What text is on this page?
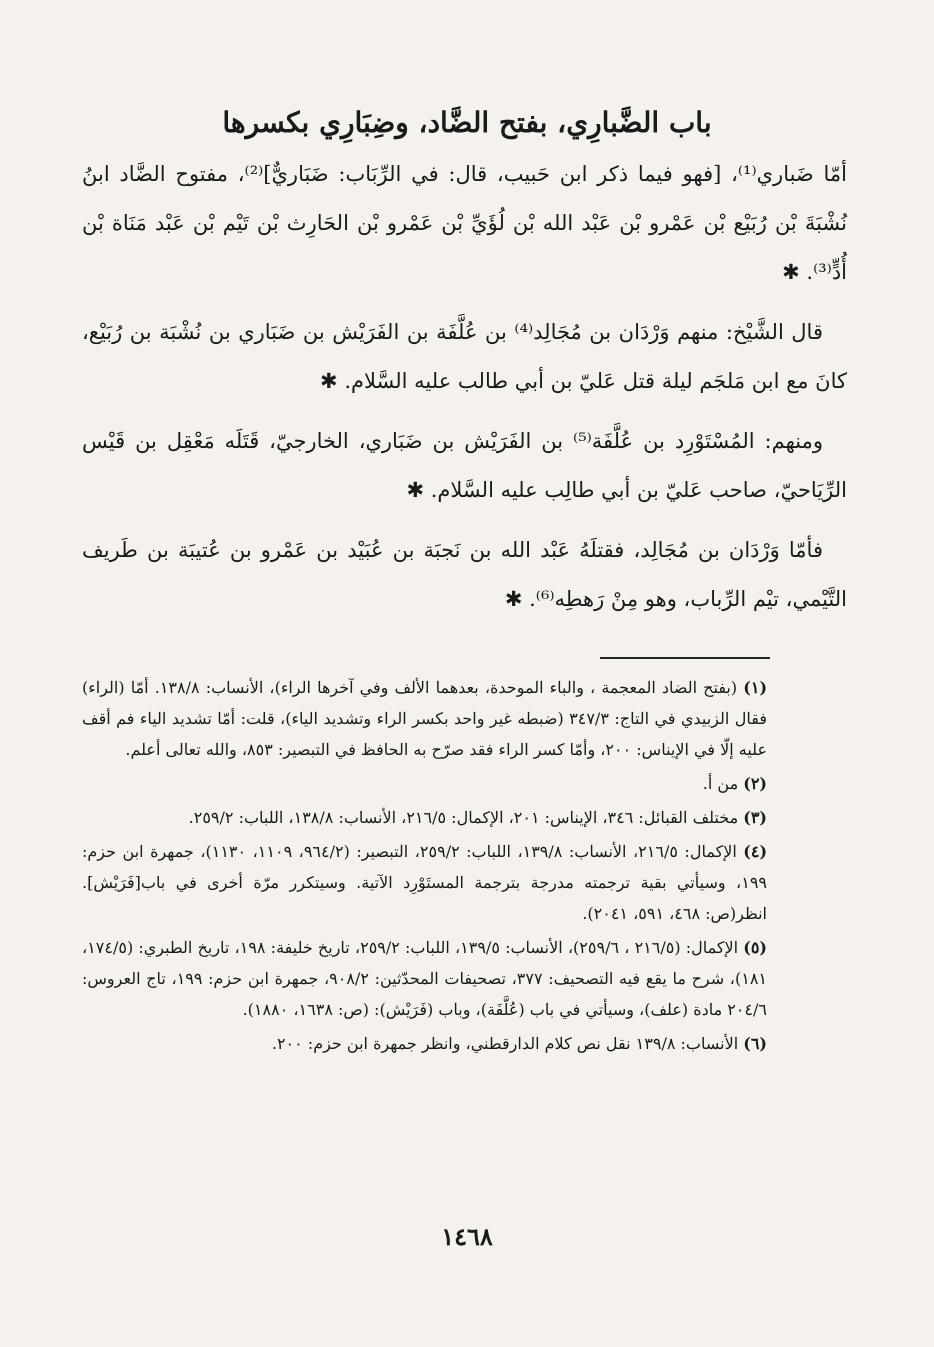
باب الضَّبارِي، بفتح الضَّاد، وضِبَارِي بكسرها

أمّا ضَباري⁽¹⁾، [فهو فيما ذكر ابن حَبيب، قال: في الرِّبَاب: ضَبَاريٌّ]⁽²⁾، مفتوح الضَّاد ابنُ نُشْبَةَ بْن رُبَيْع بْن عَمْرو بْن عَبْد الله بْن لُؤَيِّ بْن عَمْرو بْن الحَارِث بْن تَيْم بْن عَبْد مَنَاة بْن أُدٍّ⁽³⁾. ✱

قال الشَّيْخ: منهم وَرْدَان بن مُجَالِد⁽⁴⁾ بن عُلَّفَة بن الفَرَيْش بن ضَبَاري بن نُشْبَة بن رُبَيْع، كانَ مع ابن مَلجَم ليلة قتل عَليّ بن أبي طالب عليه السَّلام. ✱

ومنهم: المُسْتَوْرِد بن عُلَّفَة⁽⁵⁾ بن الفَرَيْش بن ضَبَاري، الخارجيّ، قَتَلَه مَعْقِل بن قَيْس الرِّيَاحيّ، صاحب عَليّ بن أبي طالِب عليه السَّلام. ✱

فأمّا وَرْدَان بن مُجَالِد، فقتلَهُ عَبْد الله بن نَجبَة بن عُبَيْد بن عَمْرو بن عُتيبَة بن طَريف التَّيْمي، تيْم الرِّباب، وهو مِنْ رَهطِه⁽⁶⁾. ✱

(١) (بفتح الضاد المعجمة ، والباء الموحدة، بعدهما الألف وفي آخرها الراء)، الأنساب: ١٣٨/٨. أمّا (الراء) فقال الزبيدي في التاج: ٣٤٧/٣ (ضبطه غير واحد بكسر الراء وتشديد الياء)، قلت: أمّا تشديد الياء فم أقف عليه إلّا في الإيناس: ٢٠٠، وأمّا كسر الراء فقد صرّح به الحافظ في التبصير: ٨٥٣، والله تعالى أعلم.
(٢) من أ.
(٣) مختلف القبائل: ٣٤٦، الإيناس: ٢٠١، الإكمال: ٢١٦/٥، الأنساب: ١٣٨/٨، اللباب: ٢٥٩/٢.
(٤) الإكمال: ٢١٦/٥، الأنساب: ١٣٩/٨، اللباب: ٢٥٩/٢، التبصير: (٩٦٤/٢، ١١٠٩، ١١٣٠)، جمهرة ابن حزم: ١٩٩، وسيأتي بقية ترجمته مدرجة بترجمة المستَوْرِد الآتية. وسيتكرر مرّة أخرى في باب[فَرَيْش]. انظر(ص: ٤٦٨، ٥٩١، ٢٠٤١).
(٥) الإكمال: (٢١٦/٥ ، ٢٥٩/٦)، الأنساب: ١٣٩/٥، اللباب: ٢٥٩/٢، تاريخ خليفة: ١٩٨، تاريخ الطبري: (١٧٤/٥، ١٨١)، شرح ما يقع فيه التصحيف: ٣٧٧، تصحيفات المحدّثين: ٩٠٨/٢، جمهرة ابن حزم: ١٩٩، تاج العروس: ٢٠٤/٦ مادة (علف)، وسيأتي في باب (عُلَّفَة)، وباب (فَرَيْش): (ص: ١٦٣٨، ١٨٨٠).
(٦) الأنساب: ١٣٩/٨ نقل نص كلام الدارقطني، وانظر جمهرة ابن حزم: ٢٠٠.
١٤٦٨
